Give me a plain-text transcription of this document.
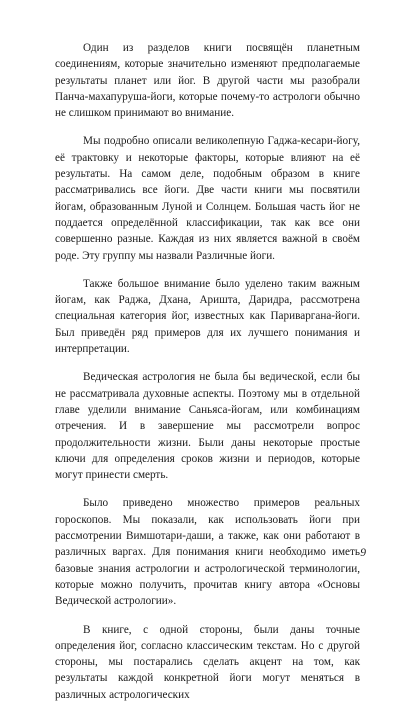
Один из разделов книги посвящён планетным соединениям, которые значительно изменяют предполагаемые результаты планет или йог. В другой части мы разобрали Панча-махапуруша-йоги, которые почему-то астрологи обычно не слишком принимают во внимание.

Мы подробно описали великолепную Гаджа-кесари-йогу, её трактовку и некоторые факторы, которые влияют на её результаты. На самом деле, подобным образом в книге рассматривались все йоги. Две части книги мы посвятили йогам, образованным Луной и Солнцем. Большая часть йог не поддается определённой классификации, так как все они совершенно разные. Каждая из них является важной в своём роде. Эту группу мы назвали Различные йоги.

Также большое внимание было уделено таким важным йогам, как Раджа, Дхана, Ариштa, Даридра, рассмотрена специальная категория йог, известных как Париваргана-йоги. Был приведён ряд примеров для их лучшего понимания и интерпретации.

Ведическая астрология не была бы ведической, если бы не рассматривала духовные аспекты. Поэтому мы в отдельной главе уделили внимание Саньяса-йогам, или комбинациям отречения. И в завершение мы рассмотрели вопрос продолжительности жизни. Были даны некоторые простые ключи для определения сроков жизни и периодов, которые могут принести смерть.

Было приведено множество примеров реальных гороскопов. Мы показали, как использовать йоги при рассмотрении Вимшотари-даши, а также, как они работают в различных варгах. Для понимания книги необходимо иметь базовые знания астрологии и астрологической терминологии, которые можно получить, прочитав книгу автора «Основы Ведической астрологии».

В книге, с одной стороны, были даны точные определения йог, согласно классическим текстам. Но с другой стороны, мы постарались сделать акцент на том, как результаты каждой конкретной йоги могут меняться в различных астрологических

9
